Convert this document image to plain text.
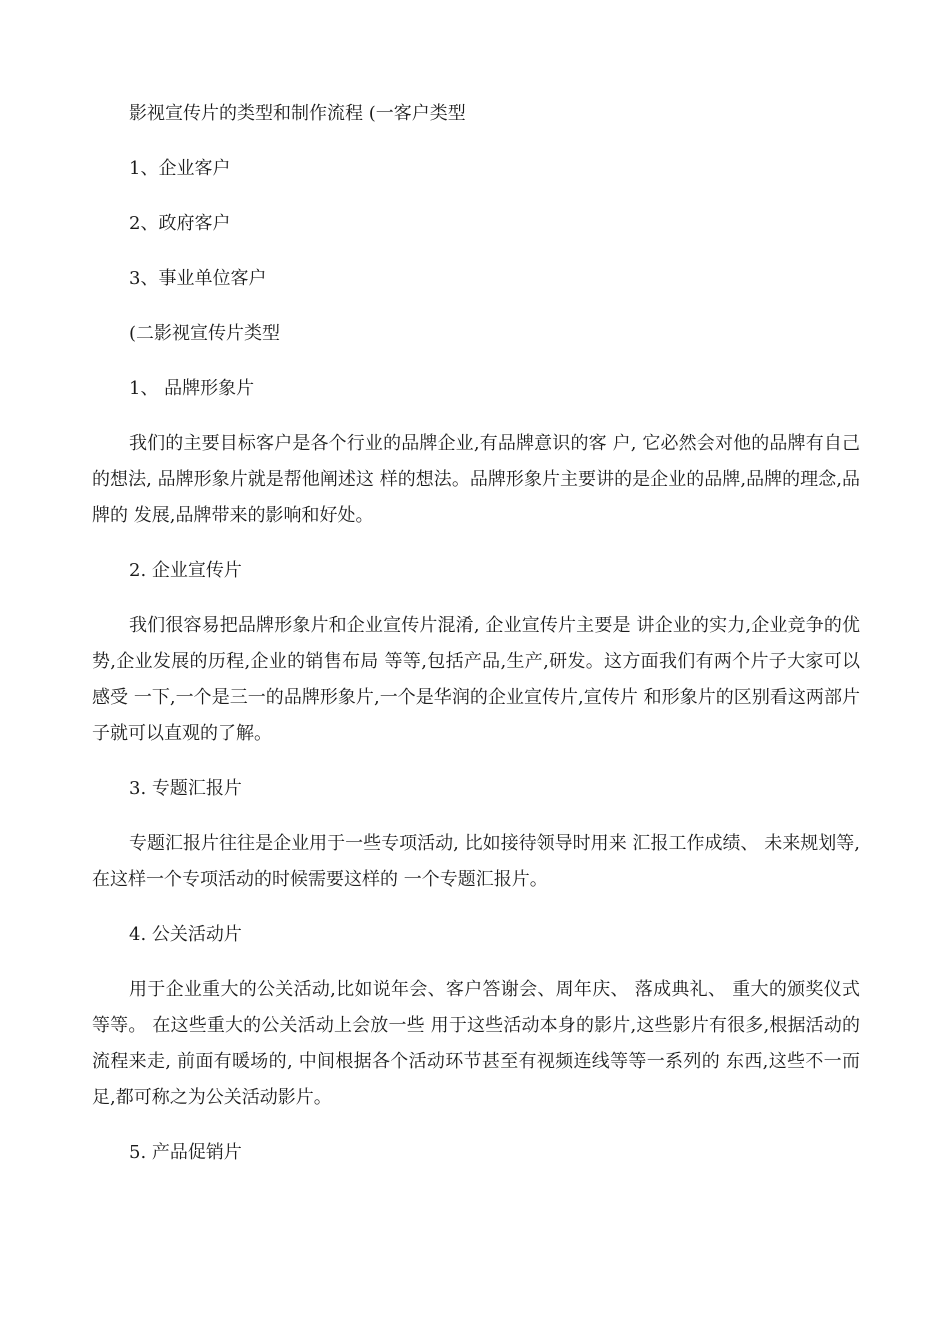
影视宣传片的类型和制作流程 (一客户类型

1、企业客户

2、政府客户

3、事业单位客户

(二影视宣传片类型

1、 品牌形象片

我们的主要目标客户是各个行业的品牌企业,有品牌意识的客 户, 它必然会对他的品牌有自己的想法, 品牌形象片就是帮他阐述这 样的想法。品牌形象片主要讲的是企业的品牌,品牌的理念,品牌的 发展,品牌带来的影响和好处。

2. 企业宣传片

我们很容易把品牌形象片和企业宣传片混淆, 企业宣传片主要是 讲企业的实力,企业竞争的优势,企业发展的历程,企业的销售布局 等等,包括产品,生产,研发。这方面我们有两个片子大家可以感受 一下,一个是三一的品牌形象片,一个是华润的企业宣传片,宣传片 和形象片的区别看这两部片子就可以直观的了解。

3. 专题汇报片

专题汇报片往往是企业用于一些专项活动, 比如接待领导时用来 汇报工作成绩、 未来规划等, 在这样一个专项活动的时候需要这样的 一个专题汇报片。

4. 公关活动片

用于企业重大的公关活动,比如说年会、客户答谢会、周年庆、 落成典礼、 重大的颁奖仪式等等。 在这些重大的公关活动上会放一些 用于这些活动本身的影片,这些影片有很多,根据活动的流程来走, 前面有暖场的, 中间根据各个活动环节甚至有视频连线等等一系列的 东西,这些不一而足,都可称之为公关活动影片。

5. 产品促销片
